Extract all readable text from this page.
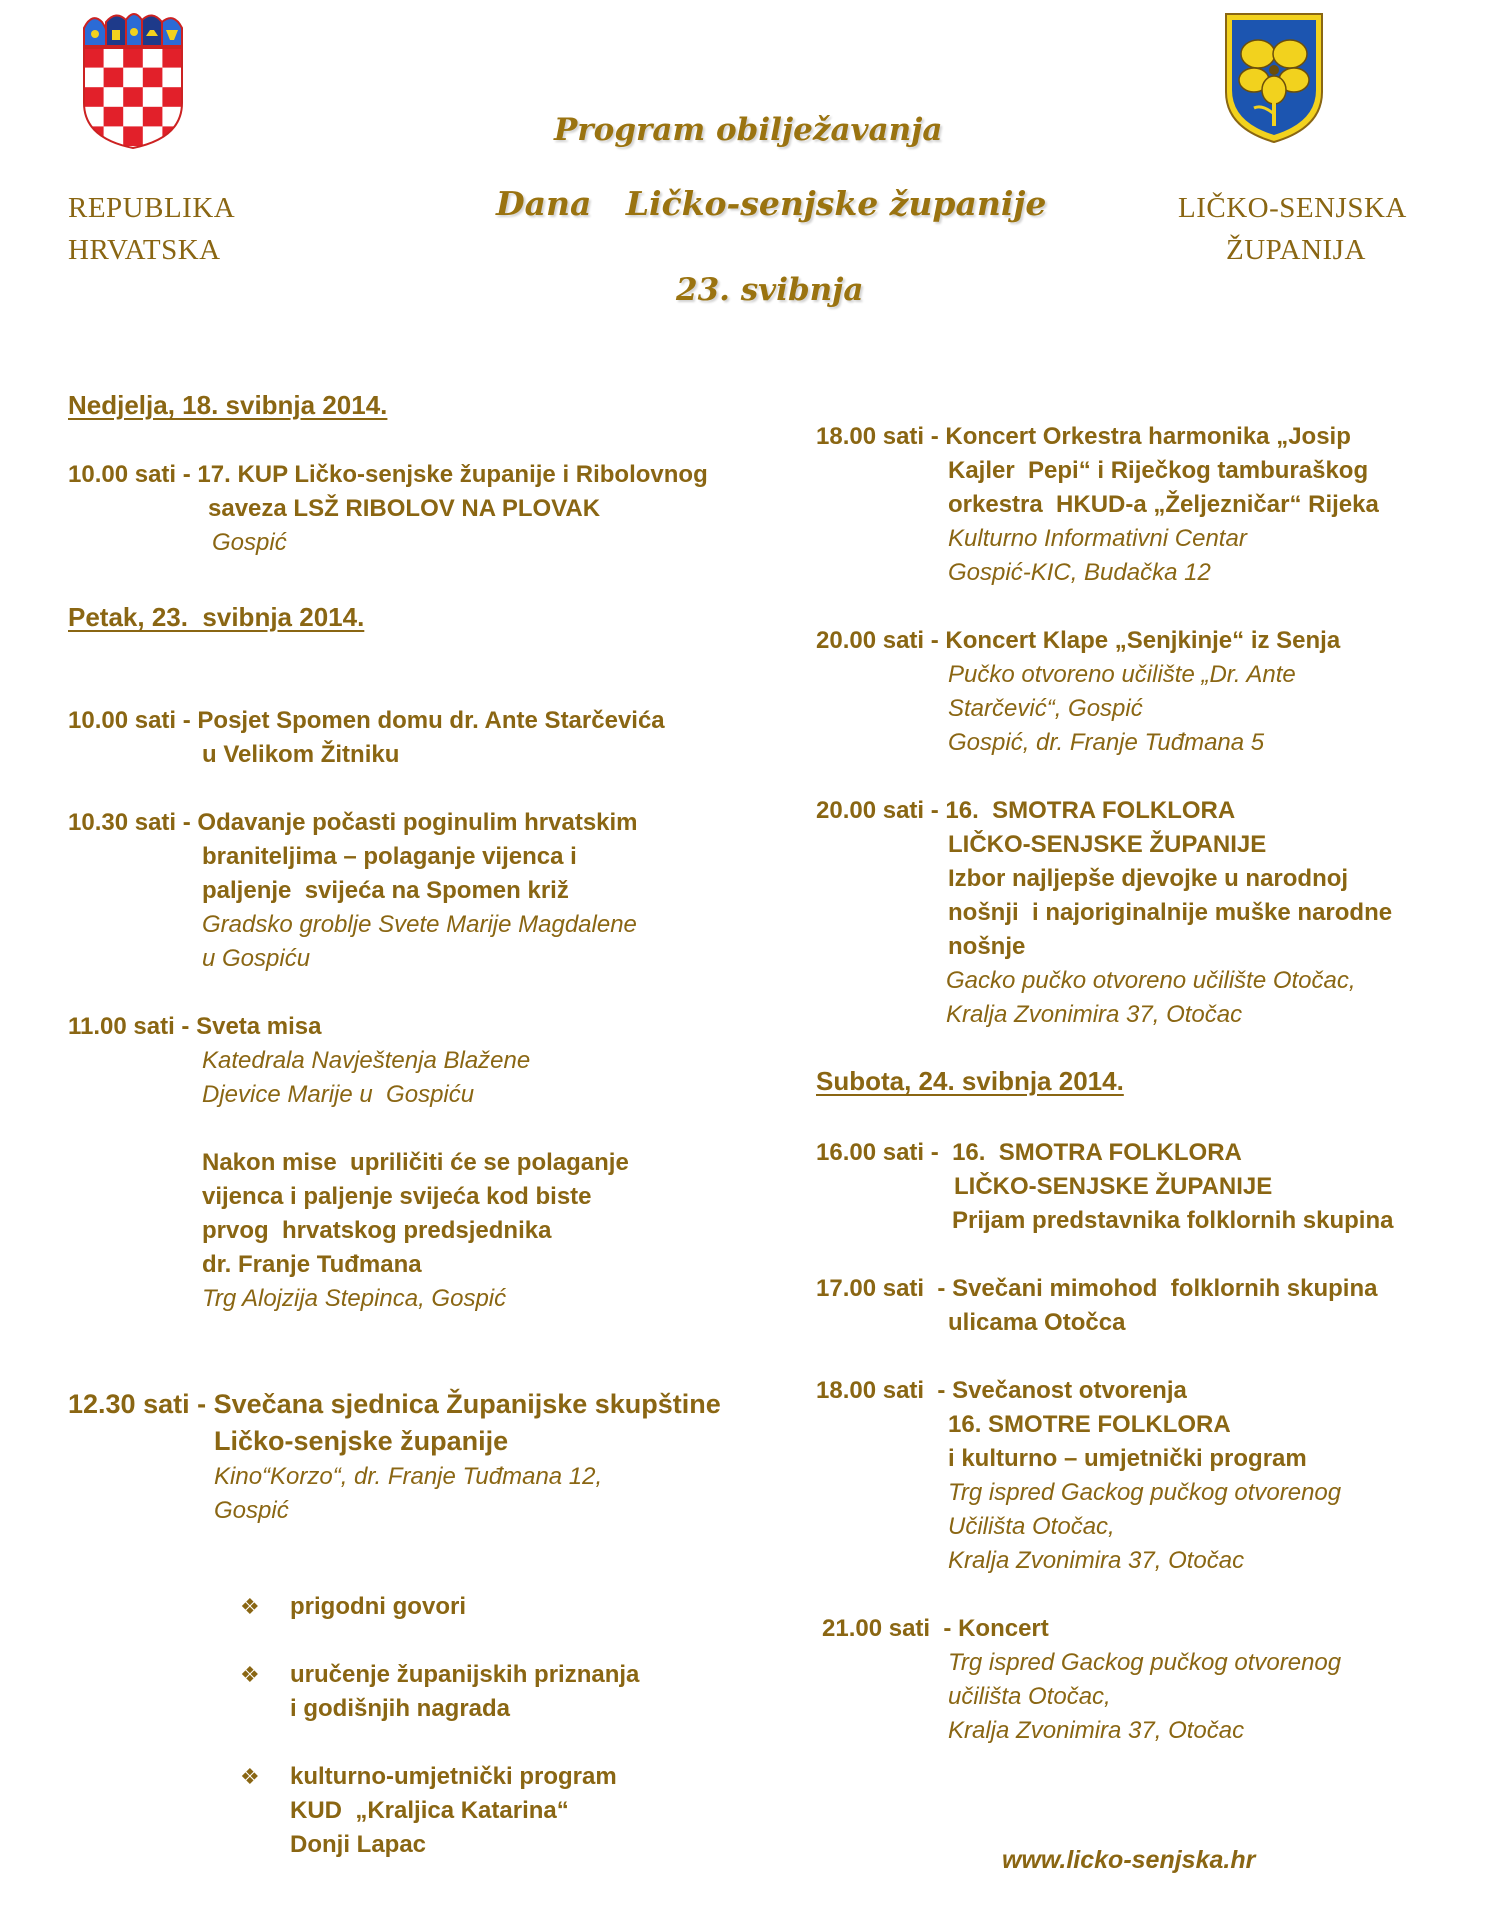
Program obilježavanja
Dana   Ličko-senjske županije
23. svibnja
REPUBLIKA
HRVATSKA
LIČKO-SENJSKA
ŽUPANIJA
Nedjelja, 18. svibnja 2014.
10.00 sati - 17. KUP Ličko-senjske županije i Ribolovnog
saveza LSŽ RIBOLOV NA PLOVAK
Gospić
Petak, 23.  svibnja 2014.
10.00 sati - Posjet Spomen domu dr. Ante Starčevića
u Velikom Žitniku
10.30 sati - Odavanje počasti poginulim hrvatskim
braniteljima – polaganje vijenca i
paljenje  svijeća na Spomen križ
Gradsko groblje Svete Marije Magdalene
u Gospiću
11.00 sati - Sveta misa
Katedrala Navještenja Blažene
Djevice Marije u  Gospiću
Nakon mise  upriličiti će se polaganje
vijenca i paljenje svijeća kod biste
prvog  hrvatskog predsjednika
dr. Franje Tuđmana
Trg Alojzija Stepinca, Gospić
12.30 sati - Svečana sjednica Županijske skupštine
Ličko-senjske županije
Kino“Korzo“, dr. Franje Tuđmana 12,
Gospić
❖	prigodni govori
❖	uručenje županijskih priznanja
i godišnjih nagrada
❖	kulturno-umjetnički program
KUD  „Kraljica Katarina“
Donji Lapac
18.00 sati - Koncert Orkestra harmonika „Josip
Kajler  Pepi“ i Riječkog tamburaškog
orkestra  HKUD-a „Željezničar“ Rijeka
Kulturno Informativni Centar
Gospić-KIC, Budačka 12
20.00 sati - Koncert Klape „Senjkinje“ iz Senja
Pučko otvoreno učilište „Dr. Ante
Starčević“, Gospić
Gospić, dr. Franje Tuđmana 5
20.00 sati - 16.  SMOTRA FOLKLORA
LIČKO-SENJSKE ŽUPANIJE
Izbor najljepše djevojke u narodnoj
nošnji  i najoriginalnije muške narodne
nošnje
Gacko pučko otvoreno učilište Otočac,
Kralja Zvonimira 37, Otočac
Subota, 24. svibnja 2014.
16.00 sati -  16.  SMOTRA FOLKLORA
LIČKO-SENJSKE ŽUPANIJE
Prijam predstavnika folklornih skupina
17.00 sati  - Svečani mimohod  folklornih skupina
ulicama Otočca
18.00 sati  - Svečanost otvorenja
16. SMOTRE FOLKLORA
i kulturno – umjetnički program
Trg ispred Gackog pučkog otvorenog
Učilišta Otočac,
Kralja Zvonimira 37, Otočac
21.00 sati  - Koncert
Trg ispred Gackog pučkog otvorenog
učilišta Otočac,
Kralja Zvonimira 37, Otočac
www.licko-senjska.hr
